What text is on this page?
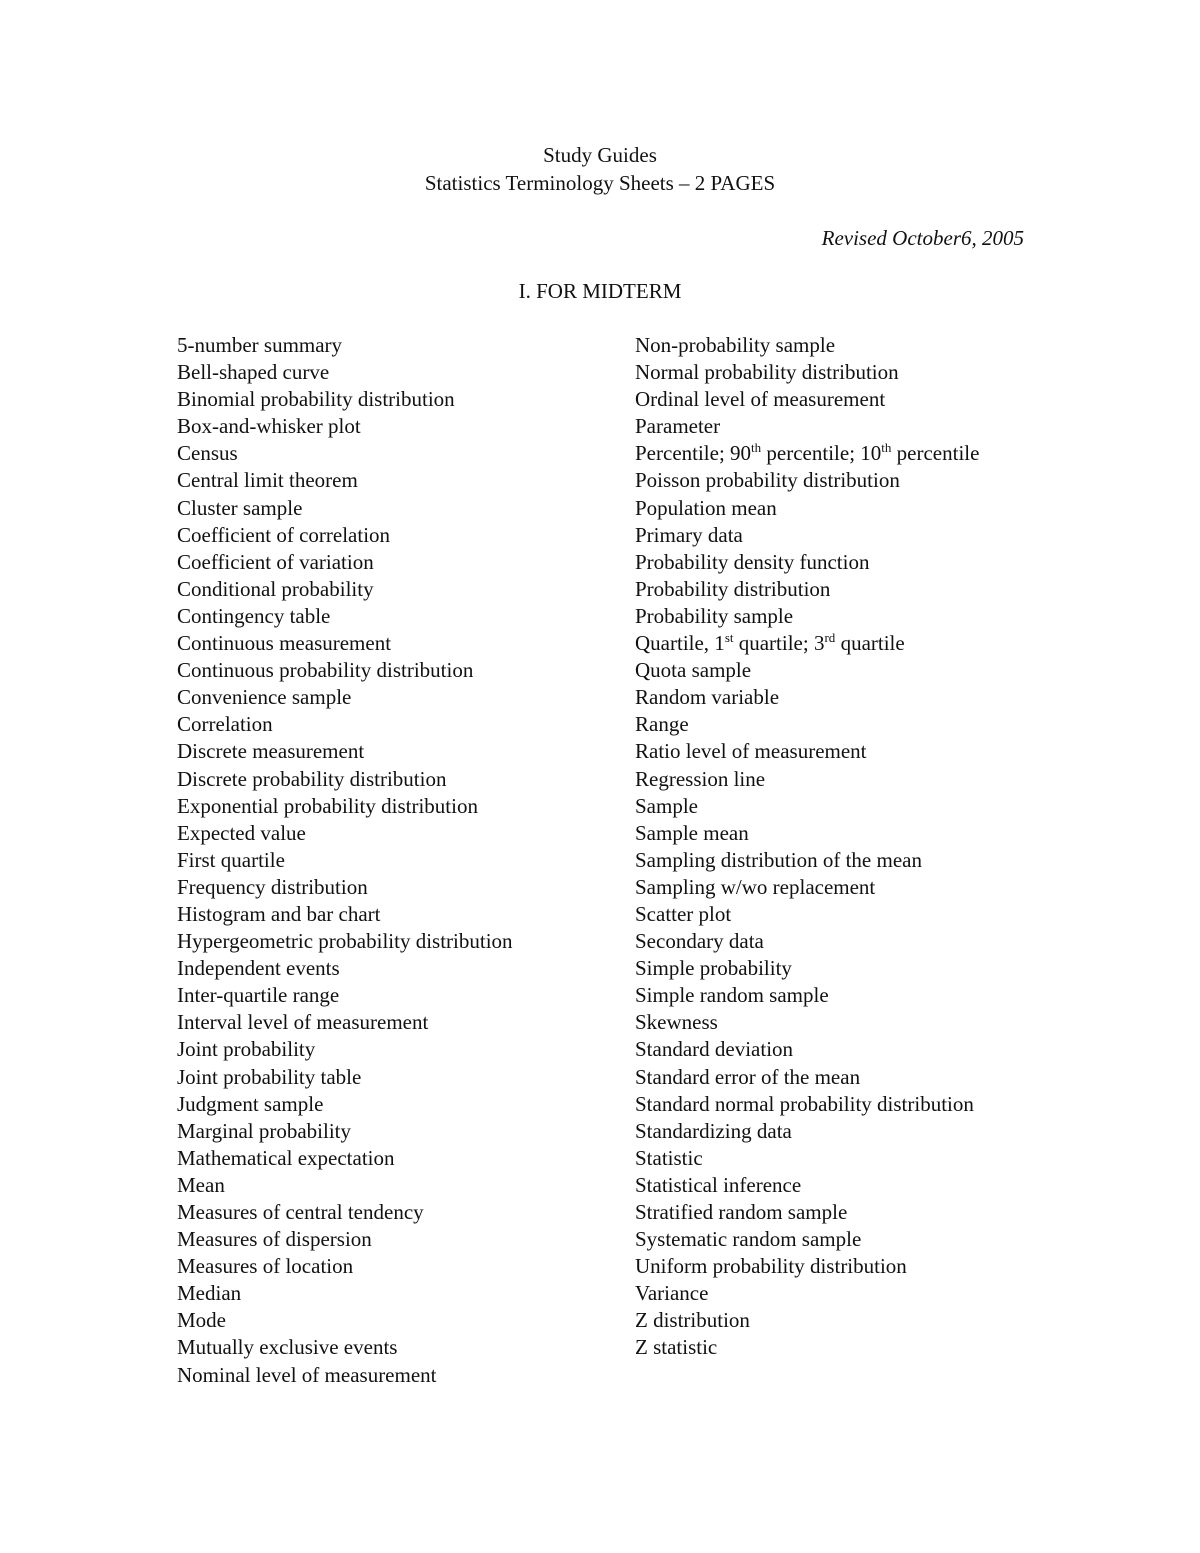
Study Guides
Statistics Terminology Sheets – 2 PAGES
Revised October6, 2005
I. FOR MIDTERM
5-number summary
Bell-shaped curve
Binomial probability distribution
Box-and-whisker plot
Census
Central limit theorem
Cluster sample
Coefficient of correlation
Coefficient of variation
Conditional probability
Contingency table
Continuous measurement
Continuous probability distribution
Convenience sample
Correlation
Discrete measurement
Discrete probability distribution
Exponential probability distribution
Expected value
First quartile
Frequency distribution
Histogram and bar chart
Hypergeometric probability distribution
Independent events
Inter-quartile range
Interval level of measurement
Joint probability
Joint probability table
Judgment sample
Marginal probability
Mathematical expectation
Mean
Measures of central tendency
Measures of dispersion
Measures of location
Median
Mode
Mutually exclusive events
Nominal level of measurement
Non-probability sample
Normal probability distribution
Ordinal level of measurement
Parameter
Percentile; 90th percentile; 10th percentile
Poisson probability distribution
Population mean
Primary data
Probability density function
Probability distribution
Probability sample
Quartile, 1st quartile; 3rd quartile
Quota sample
Random variable
Range
Ratio level of measurement
Regression line
Sample
Sample mean
Sampling distribution of the mean
Sampling w/wo replacement
Scatter plot
Secondary data
Simple probability
Simple random sample
Skewness
Standard deviation
Standard error of the mean
Standard normal probability distribution
Standardizing data
Statistic
Statistical inference
Stratified random sample
Systematic random sample
Uniform probability distribution
Variance
Z distribution
Z statistic
